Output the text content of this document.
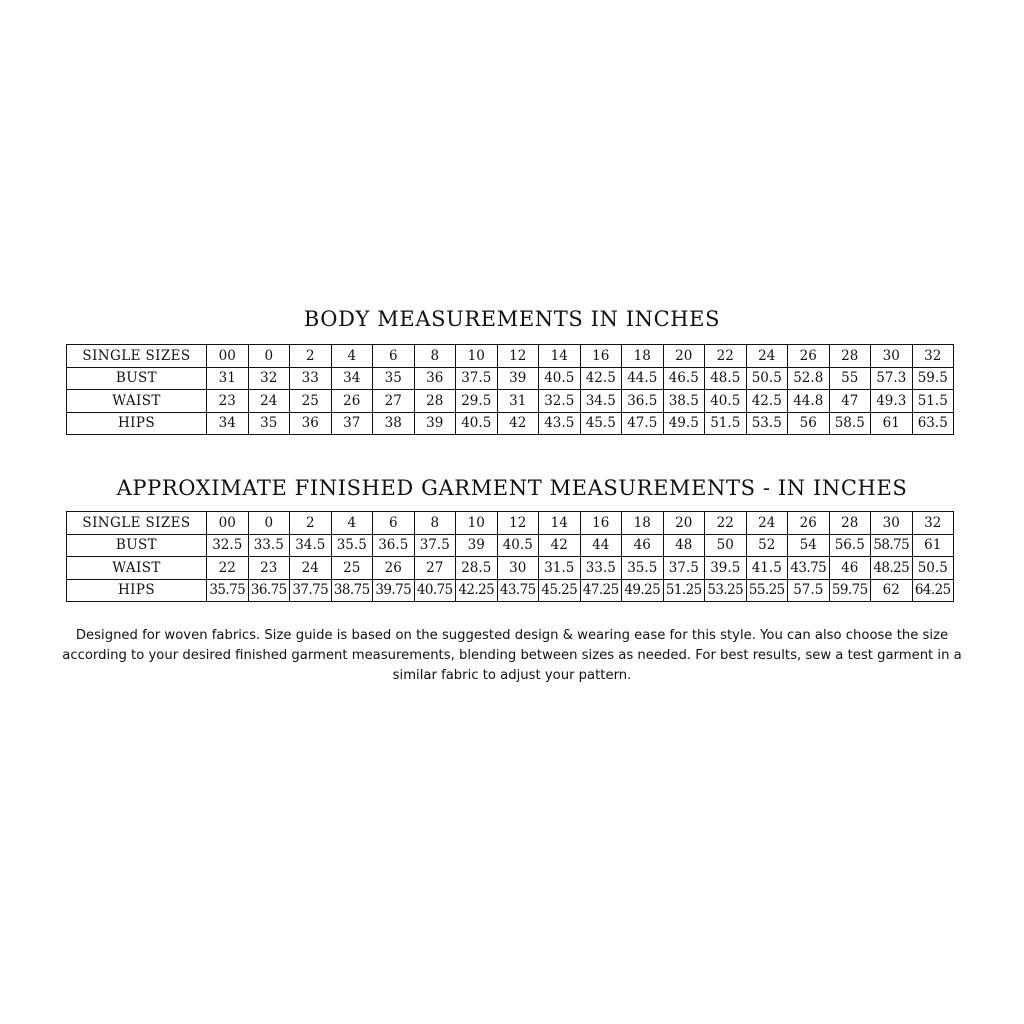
BODY MEASUREMENTS IN INCHES
SINGLE SIZES	00	0	2	4	6	8	10	12	14	16	18	20	22	24	26	28	30	32
BUST	31	32	33	34	35	36	37.5	39	40.5	42.5	44.5	46.5	48.5	50.5	52.8	55	57.3	59.5
WAIST	23	24	25	26	27	28	29.5	31	32.5	34.5	36.5	38.5	40.5	42.5	44.8	47	49.3	51.5
HIPS	34	35	36	37	38	39	40.5	42	43.5	45.5	47.5	49.5	51.5	53.5	56	58.5	61	63.5
APPROXIMATE FINISHED GARMENT MEASUREMENTS - IN INCHES
SINGLE SIZES	00	0	2	4	6	8	10	12	14	16	18	20	22	24	26	28	30	32
BUST	32.5	33.5	34.5	35.5	36.5	37.5	39	40.5	42	44	46	48	50	52	54	56.5	58.75	61
WAIST	22	23	24	25	26	27	28.5	30	31.5	33.5	35.5	37.5	39.5	41.5	43.75	46	48.25	50.5
HIPS	35.75	36.75	37.75	38.75	39.75	40.75	42.25	43.75	45.25	47.25	49.25	51.25	53.25	55.25	57.5	59.75	62	64.25

Designed for woven fabrics. Size guide is based on the suggested design & wearing ease for this style. You can also choose the size
according to your desired finished garment measurements, blending between sizes as needed. For best results, sew a test garment in a
similar fabric to adjust your pattern.
